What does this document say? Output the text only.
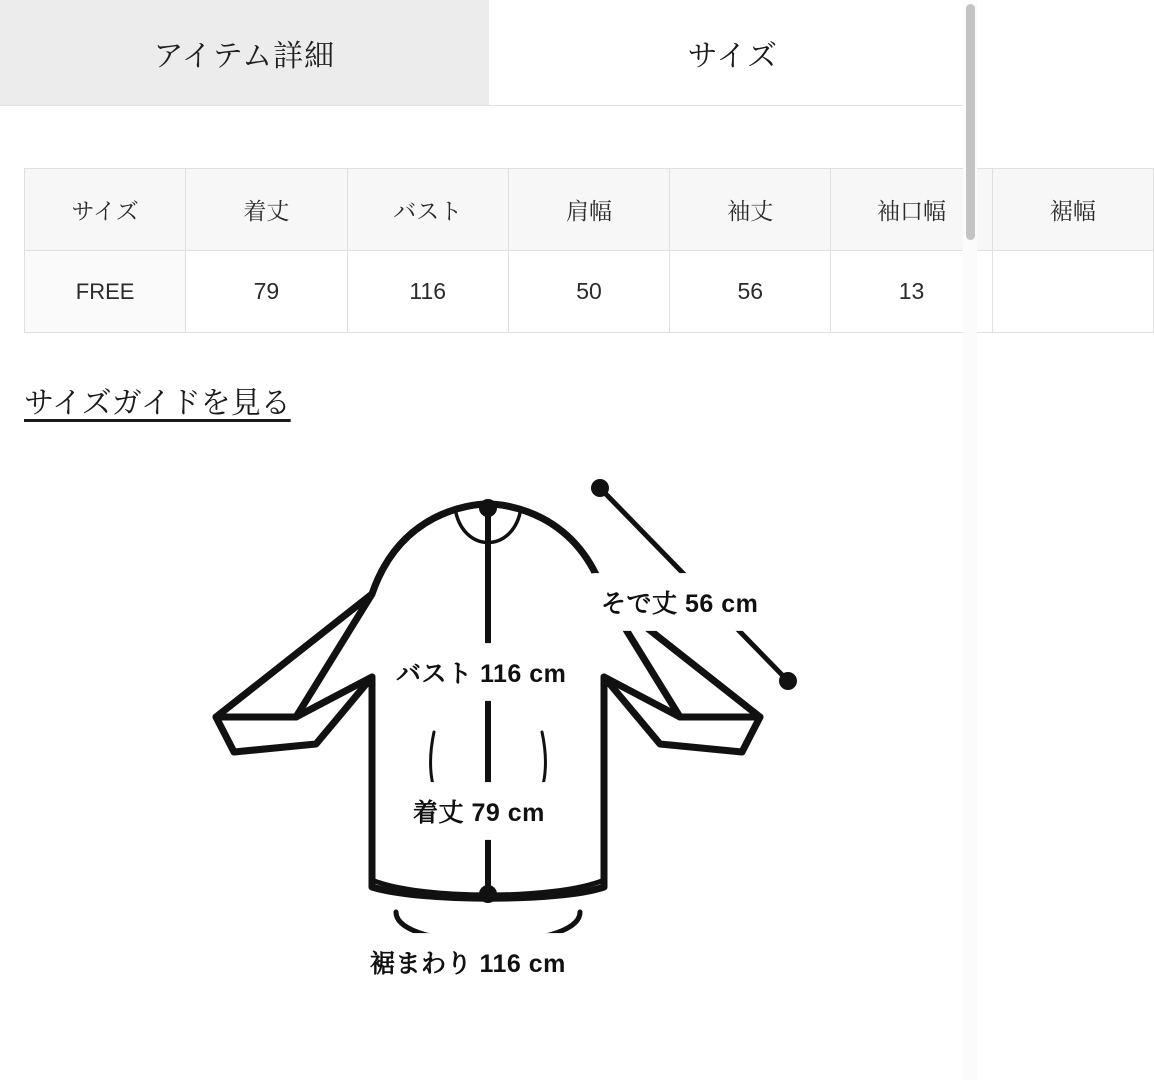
アイテム詳細	サイズ
サイズ	着丈	バスト	肩幅	袖丈	袖口幅	裾幅
FREE	79	116	50	56	13	
サイズガイドを見る
バスト 116 cm
そで丈 56 cm
着丈 79 cm
裾まわり 116 cm
